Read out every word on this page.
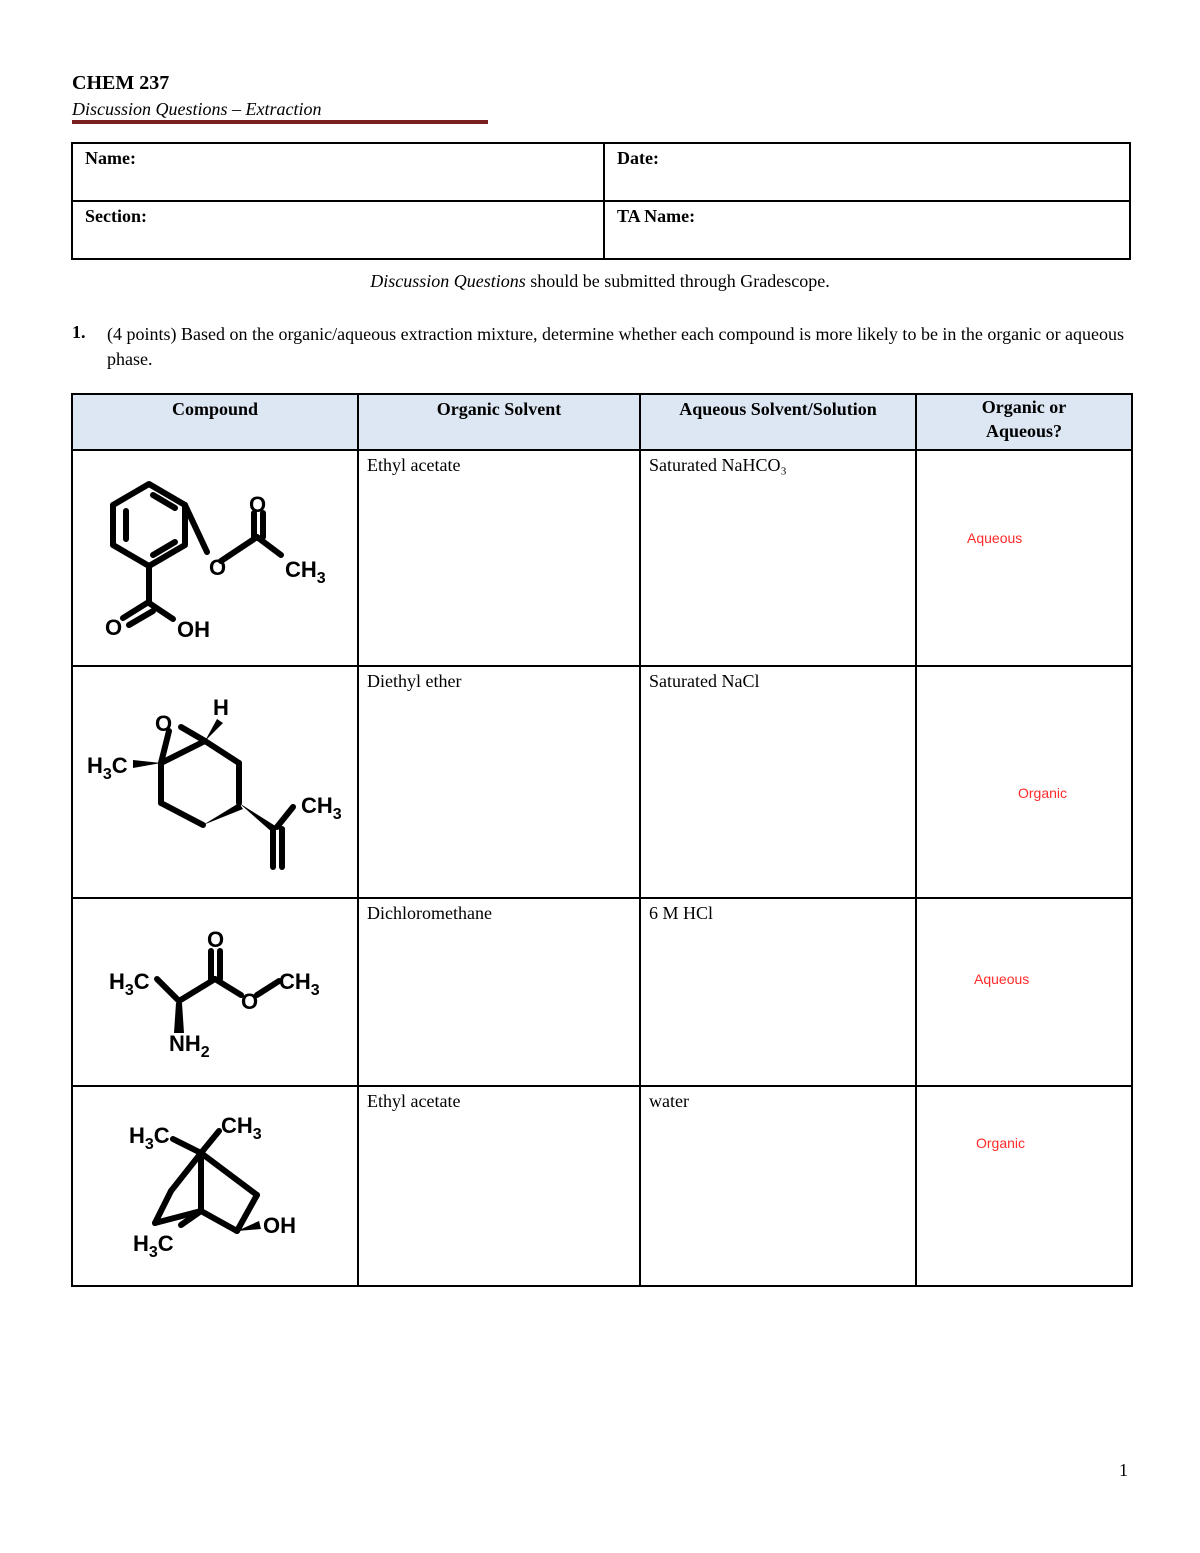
CHEM 237
Discussion Questions – Extraction
Name:	Date:
Section:	TA Name:
Discussion Questions should be submitted through Gradescope.
1. (4 points) Based on the organic/aqueous extraction mixture, determine whether each compound is more likely to be in the organic or aqueous phase.
Compound	Organic Solvent	Aqueous Solvent/Solution	Organic or Aqueous?

O
O $CH_3$
O OH	Ethyl acetate	Saturated NaHCO₃	Aqueous

O
H
$H_3C$
$CH_3$	Diethyl ether	Saturated NaCl	Organic

O
$H_3C$
O
$CH_3$
$NH_2$	Dichloromethane	6 M HCl	Aqueous

$H_3C$ $CH_3$
$H_3C$
OH	Ethyl acetate	water	Organic
1
